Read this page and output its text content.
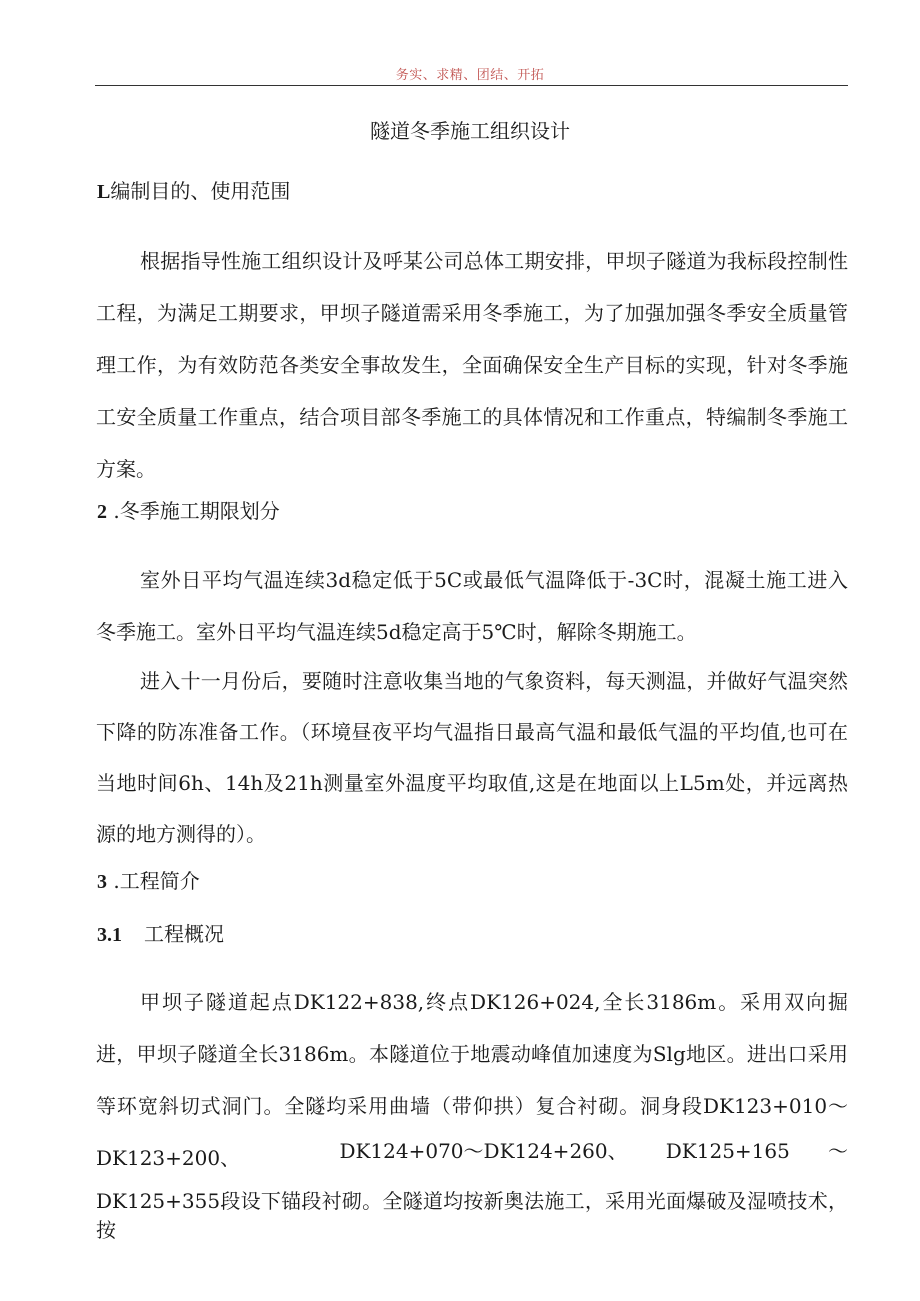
务实、求精、团结、开拓
隧道冬季施工组织设计
L编制目的、使用范围

根据指导性施工组织设计及呼某公司总体工期安排，甲坝子隧道为我标段控制性工程，为满足工期要求，甲坝子隧道需采用冬季施工，为了加强加强冬季安全质量管理工作，为有效防范各类安全事故发生，全面确保安全生产目标的实现，针对冬季施工安全质量工作重点，结合项目部冬季施工的具体情况和工作重点，特编制冬季施工方案。

2 .冬季施工期限划分

室外日平均气温连续3d稳定低于5C或最低气温降低于-3C时，混凝土施工进入冬季施工。室外日平均气温连续5d稳定高于5℃时，解除冬期施工。

进入十一月份后，要随时注意收集当地的气象资料，每天测温，并做好气温突然下降的防冻准备工作。（环境昼夜平均气温指日最高气温和最低气温的平均值,也可在当地时间6h、14h及21h测量室外温度平均取值,这是在地面以上L5m处，并远离热源的地方测得的）。

3 .工程简介
3.1 工程概况

甲坝子隧道起点DK122+838,终点DK126+024,全长3186m。采用双向掘进，甲坝子隧道全长3186m。本隧道位于地震动峰值加速度为Slg地区。进出口采用等环宽斜切式洞门。全隧均采用曲墙（带仰拱）复合衬砌。洞身段DK123+010～DK123+200、	DK124+070～DK124+260、      DK125+165      ～
DK125+355段设下锚段衬砌。全隧道均按新奥法施工，采用光面爆破及湿喷技术，按
